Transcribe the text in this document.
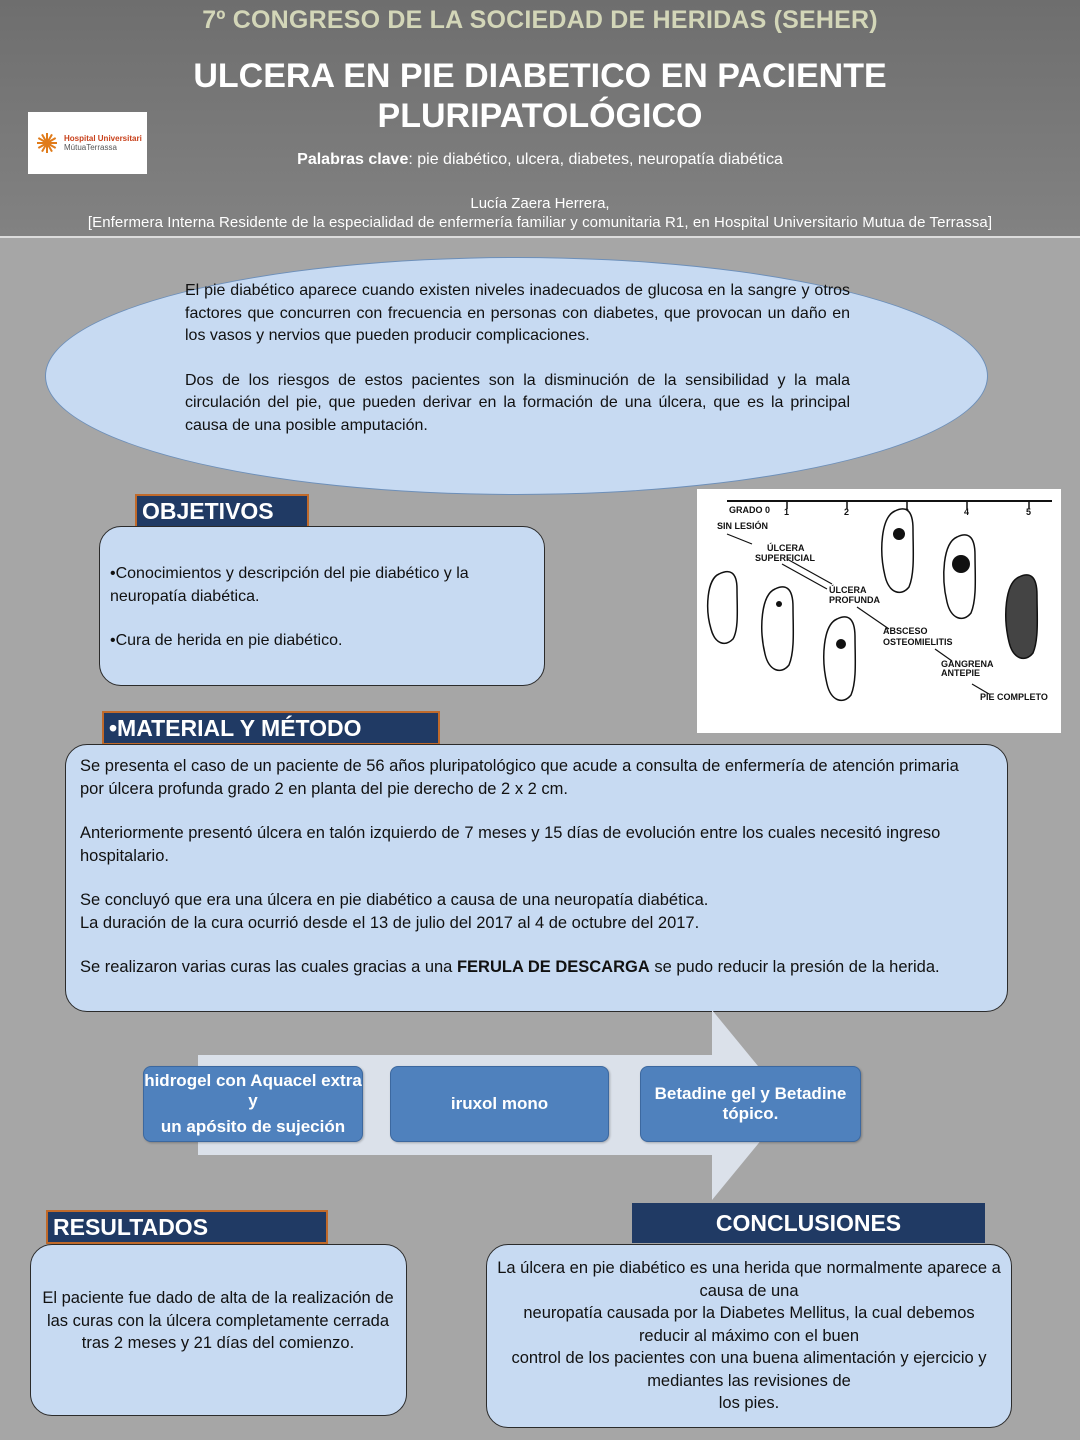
7º CONGRESO DE LA SOCIEDAD DE HERIDAS (SEHER)
ULCERA EN PIE DIABETICO EN PACIENTE PLURIPATOLÓGICO
Hospital Universitari
MútuaTerrassa
Palabras clave: pie diabético, ulcera, diabetes, neuropatía diabética
Lucía Zaera Herrera,
[Enfermera Interna Residente de la especialidad de enfermería familiar y comunitaria R1, en Hospital Universitario Mutua de Terrassa]

El pie diabético aparece cuando existen niveles inadecuados de glucosa en la sangre y otros factores que concurren con frecuencia en personas con diabetes, que provocan un daño en los vasos y nervios que pueden producir complicaciones.

Dos de los riesgos de estos pacientes son la disminución de la sensibilidad y la mala circulación del pie, que pueden derivar en la formación de una úlcera, que es la principal causa de una posible amputación.

OBJETIVOS

•Conocimientos y descripción del pie diabético y la neuropatía diabética.

•Cura de herida en pie diabético.

GRADO 0 1	2	4	5
SIN LESIÓN
ÚLCERA
SUPERFICIAL
ÚLCERA
PROFUNDA
ABSCESO
OSTEOMIELITIS
GANGRENA
ANTEPIE
PIE COMPLETO
•MATERIAL Y MÉTODO

Se presenta el caso de un paciente de 56 años pluripatológico que acude a consulta de enfermería de atención primaria por úlcera profunda grado 2 en planta del pie derecho de 2 x 2 cm.

Anteriormente presentó úlcera en talón izquierdo de 7 meses y 15 días de evolución entre los cuales necesitó ingreso hospitalario.

Se concluyó que era una úlcera en pie diabético a causa de una neuropatía diabética.
La duración de la cura ocurrió desde el 13 de julio del 2017 al 4 de octubre del 2017.

Se realizaron varias curas las cuales gracias a una FERULA DE DESCARGA se pudo reducir la presión de la herida.

hidrogel con Aquacel extra y
un apósito de sujeción
iruxol mono
Betadine gel y Betadine tópico.
RESULTADOS
El paciente fue dado de alta de la realización de las curas con la úlcera completamente cerrada tras 2 meses y 21 días del comienzo.
CONCLUSIONES
La úlcera en pie diabético es una herida que normalmente aparece a causa de una
neuropatía causada por la Diabetes Mellitus, la cual debemos reducir al máximo con el buen
control de los pacientes con una buena alimentación y ejercicio y mediantes las revisiones de
los pies.
